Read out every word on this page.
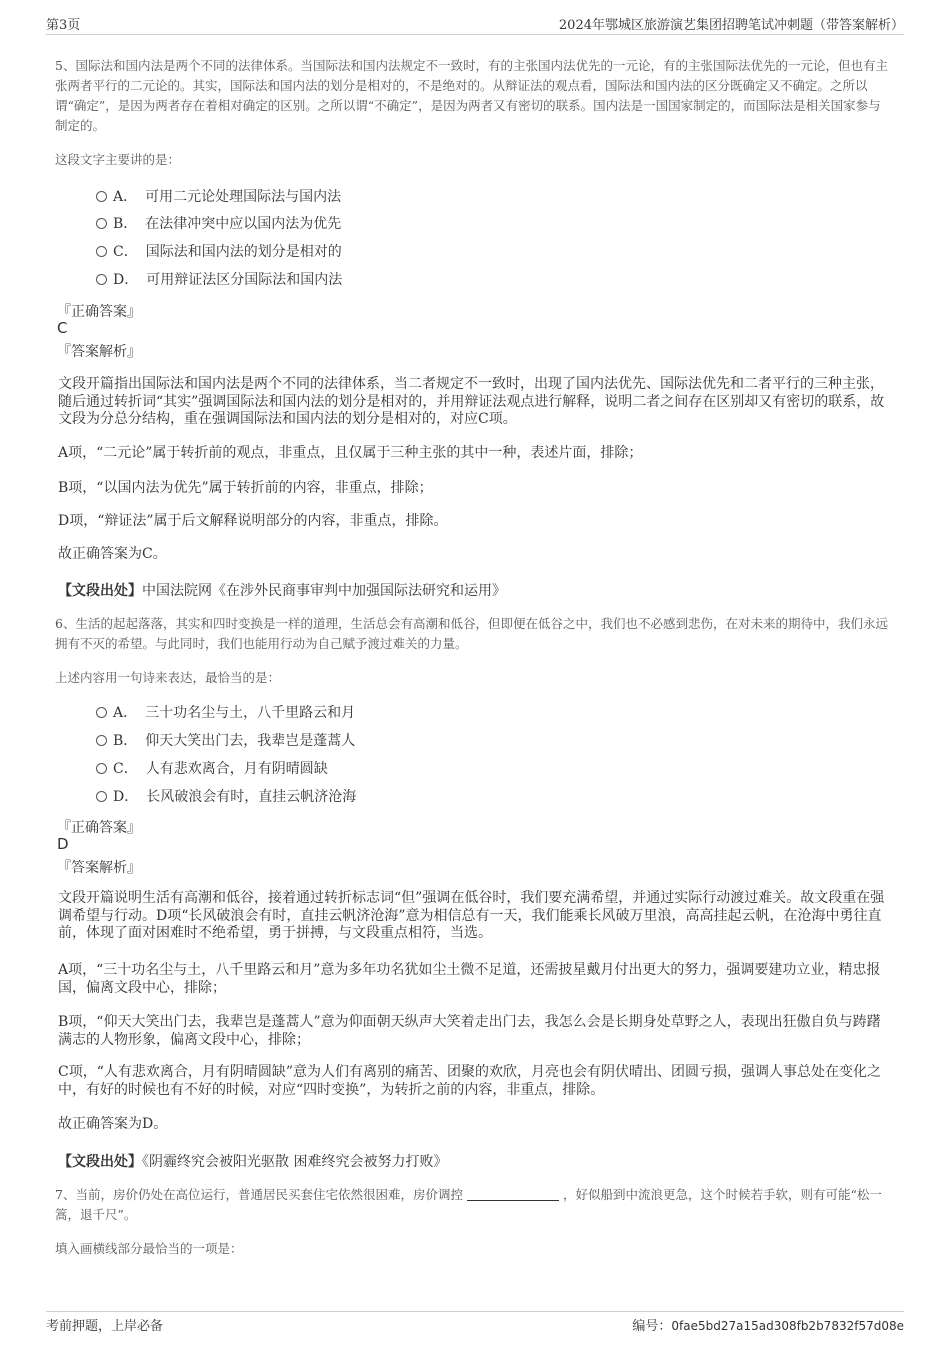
第3页	2024年鄂城区旅游演艺集团招聘笔试冲刺题（带答案解析）
5、国际法和国内法是两个不同的法律体系。当国际法和国内法规定不一致时，有的主张国内法优先的一元论，有的主张国际法优先的一元论，但也有主张两者平行的二元论的。其实，国际法和国内法的划分是相对的，不是绝对的。从辩证法的观点看，国际法和国内法的区分既确定又不确定。之所以谓“确定”，是因为两者存在着相对确定的区别。之所以谓“不确定”，是因为两者又有密切的联系。国内法是一国国家制定的，而国际法是相关国家参与制定的。
这段文字主要讲的是：
A． 可用二元论处理国际法与国内法
B． 在法律冲突中应以国内法为优先
C． 国际法和国内法的划分是相对的
D． 可用辩证法区分国际法和国内法
『正确答案』
C
『答案解析』
文段开篇指出国际法和国内法是两个不同的法律体系，当二者规定不一致时，出现了国内法优先、国际法优先和二者平行的三种主张，随后通过转折词“其实”强调国际法和国内法的划分是相对的，并用辩证法观点进行解释，说明二者之间存在区别却又有密切的联系，故文段为分总分结构，重在强调国际法和国内法的划分是相对的，对应C项。
A项，“二元论”属于转折前的观点，非重点，且仅属于三种主张的其中一种，表述片面，排除；
B项，“以国内法为优先”属于转折前的内容，非重点，排除；
D项，“辩证法”属于后文解释说明部分的内容，非重点，排除。
故正确答案为C。
【文段出处】中国法院网《在涉外民商事审判中加强国际法研究和运用》
6、生活的起起落落，其实和四时变换是一样的道理，生活总会有高潮和低谷，但即便在低谷之中，我们也不必感到悲伤，在对未来的期待中，我们永远拥有不灭的希望。与此同时，我们也能用行动为自己赋予渡过难关的力量。
上述内容用一句诗来表达，最恰当的是：
A． 三十功名尘与土，八千里路云和月
B． 仰天大笑出门去，我辈岂是蓬蒿人
C． 人有悲欢离合，月有阴晴圆缺
D． 长风破浪会有时，直挂云帆济沧海
『正确答案』
D
『答案解析』
文段开篇说明生活有高潮和低谷，接着通过转折标志词“但”强调在低谷时，我们要充满希望，并通过实际行动渡过难关。故文段重在强调希望与行动。D项“长风破浪会有时，直挂云帆济沧海”意为相信总有一天，我们能乘长风破万里浪，高高挂起云帆，在沧海中勇往直前，体现了面对困难时不绝希望，勇于拼搏，与文段重点相符，当选。
A项，“三十功名尘与土，八千里路云和月”意为多年功名犹如尘土微不足道，还需披星戴月付出更大的努力，强调要建功立业，精忠报国，偏离文段中心，排除；
B项，“仰天大笑出门去，我辈岂是蓬蒿人”意为仰面朝天纵声大笑着走出门去，我怎么会是长期身处草野之人，表现出狂傲自负与踌躇满志的人物形象，偏离文段中心，排除；
C项，“人有悲欢离合，月有阴晴圆缺”意为人们有离别的痛苦、团聚的欢欣，月亮也会有阴伏晴出、团圆亏损，强调人事总处在变化之中，有好的时候也有不好的时候，对应“四时变换”，为转折之前的内容，非重点，排除。
故正确答案为D。
【文段出处】《阴霾终究会被阳光驱散 困难终究会被努力打败》
7、当前，房价仍处在高位运行，普通居民买套住宅依然很困难，房价调控	，好似船到中流浪更急，这个时候若手软，则有可能“松一篙，退千尺”。
填入画横线部分最恰当的一项是：
考前押题，上岸必备	编号：0fae5bd27a15ad308fb2b7832f57d08e
